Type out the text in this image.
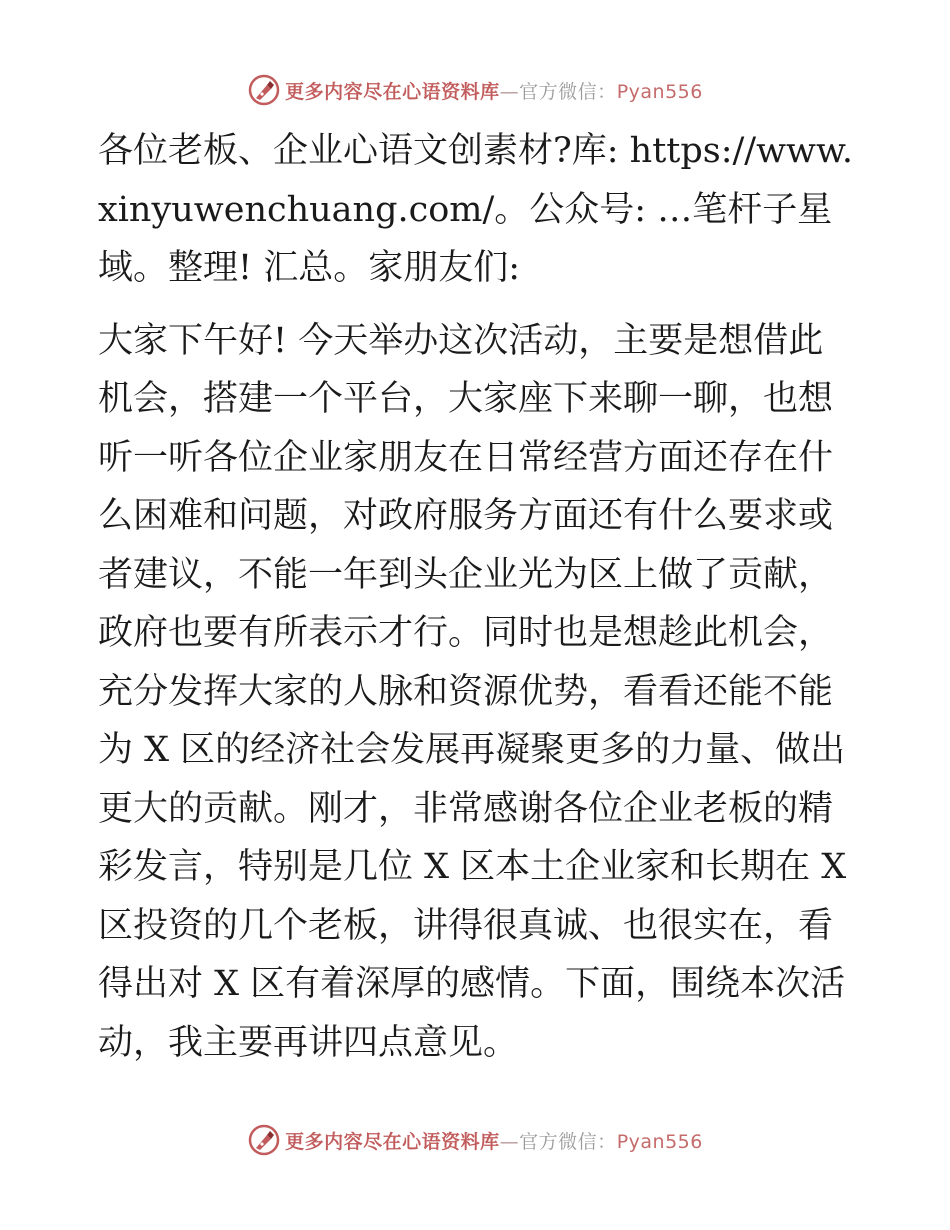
更多内容尽在心语资料库—官方微信：Pyan556

各位老板、企业心语文创素材?库: https://www.xinyuwenchuang.com/。公众号: …笔杆子星域。整理! 汇总。家朋友们:

大家下午好! 今天举办这次活动，主要是想借此机会，搭建一个平台，大家座下来聊一聊，也想听一听各位企业家朋友在日常经营方面还存在什么困难和问题，对政府服务方面还有什么要求或者建议，不能一年到头企业光为区上做了贡献，政府也要有所表示才行。同时也是想趁此机会，充分发挥大家的人脉和资源优势，看看还能不能为 X 区的经济社会发展再凝聚更多的力量、做出更大的贡献。刚才，非常感谢各位企业老板的精彩发言，特别是几位 X 区本土企业家和长期在 X 区投资的几个老板，讲得很真诚、也很实在，看得出对 X 区有着深厚的感情。下面，围绕本次活动，我主要再讲四点意见。

更多内容尽在心语资料库—官方微信：Pyan556
